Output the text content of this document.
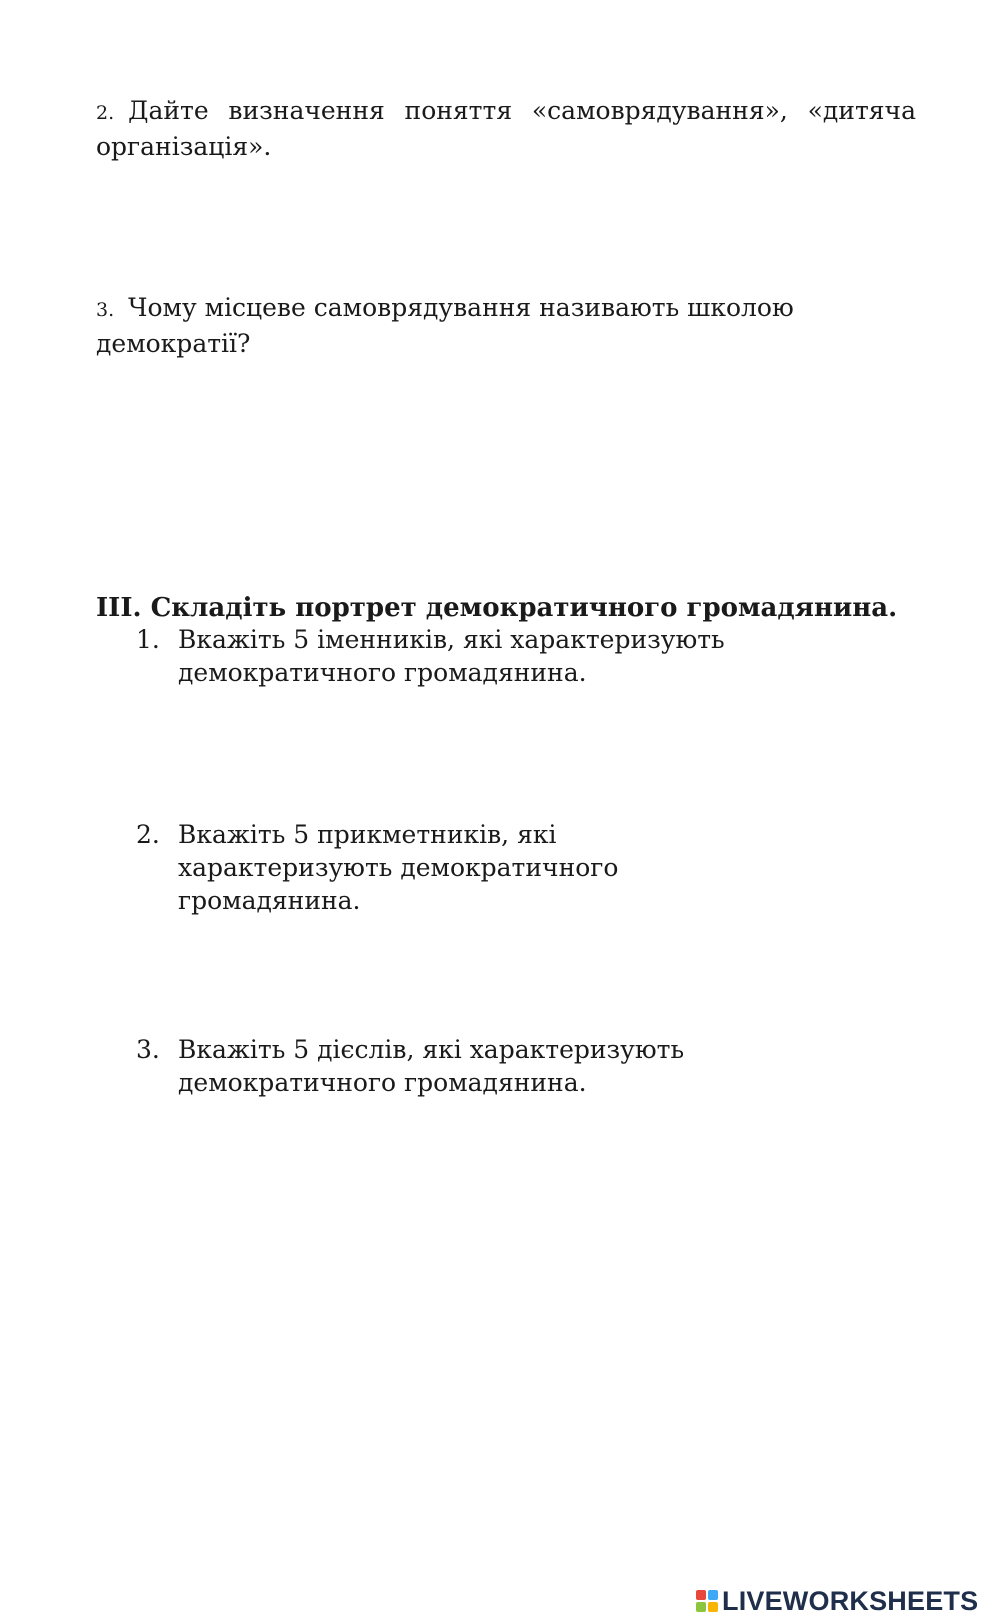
2. Дайте визначення поняття «самоврядування», «дитяча організація».
3. Чому місцеве самоврядування називають школою демократії?
ІІІ. Складіть портрет демократичного громадянина.
1. Вкажіть 5 іменників, які характеризують демократичного громадянина.
2. Вкажіть 5 прикметників, які характеризують демократичного громадянина.
3. Вкажіть 5 дієслів, які характеризують демократичного громадянина.
LIVEWORKSHEETS
